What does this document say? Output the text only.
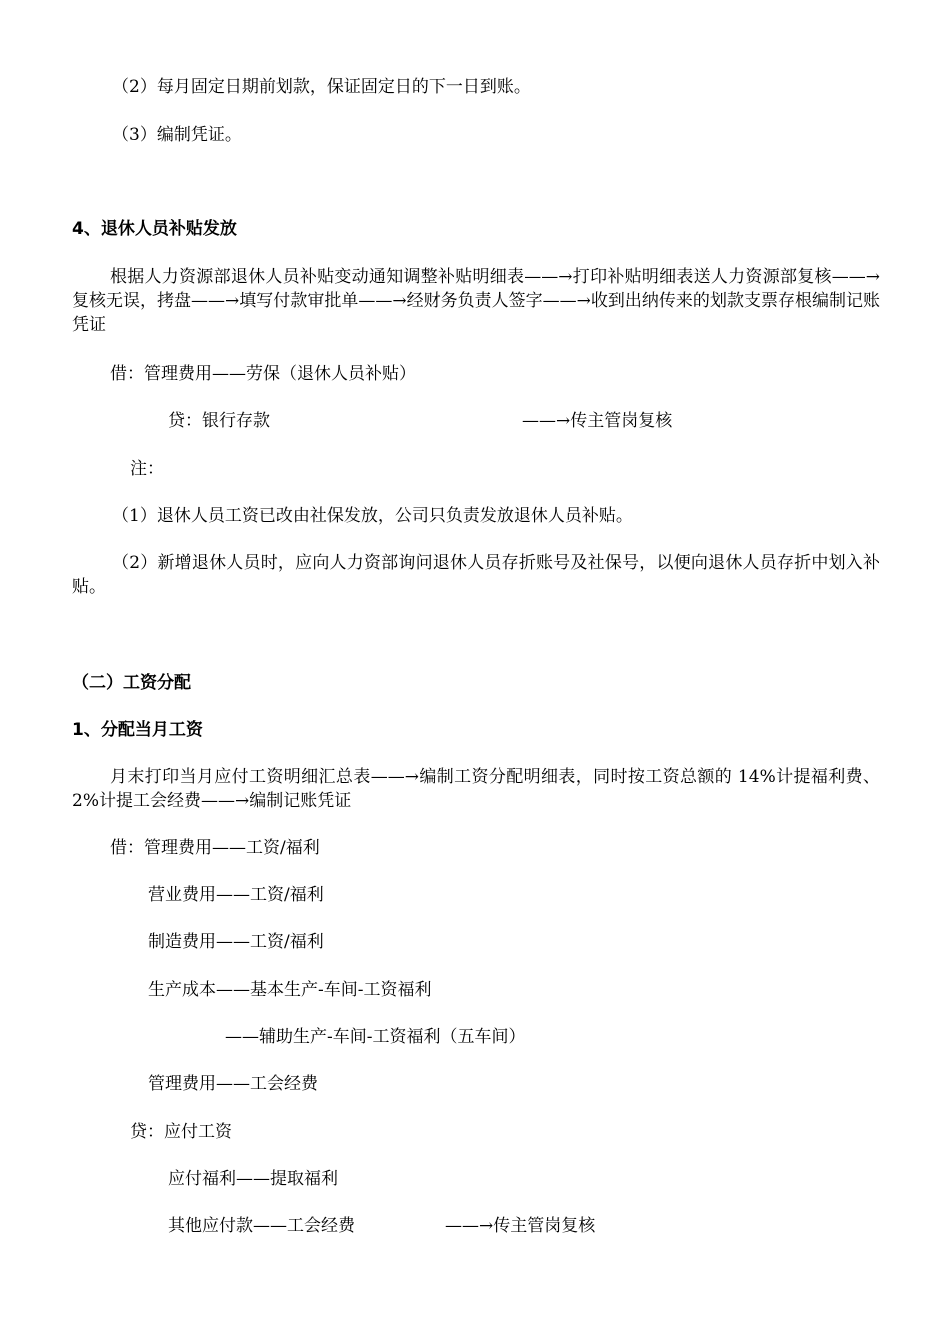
（2）每月固定日期前划款，保证固定日的下一日到账。
（3）编制凭证。
4、退休人员补贴发放
根据人力资源部退休人员补贴变动通知调整补贴明细表——→打印补贴明细表送人力资源部复核——→复核无误，拷盘——→填写付款审批单——→经财务负责人签字——→收到出纳传来的划款支票存根编制记账凭证
借：管理费用——劳保（退休人员补贴）
贷：银行存款	——→传主管岗复核
注：
（1）退休人员工资已改由社保发放，公司只负责发放退休人员补贴。
（2）新增退休人员时，应向人力资部询问退休人员存折账号及社保号，以便向退休人员存折中划入补贴。
（二）工资分配
1、分配当月工资
月末打印当月应付工资明细汇总表——→编制工资分配明细表，同时按工资总额的 14%计提福利费、2%计提工会经费——→编制记账凭证
借：管理费用——工资/福利
营业费用——工资/福利
制造费用——工资/福利
生产成本——基本生产-车间-工资福利
——辅助生产-车间-工资福利（五车间）
管理费用——工会经费
贷：应付工资
应付福利——提取福利
其他应付款——工会经费	——→传主管岗复核
